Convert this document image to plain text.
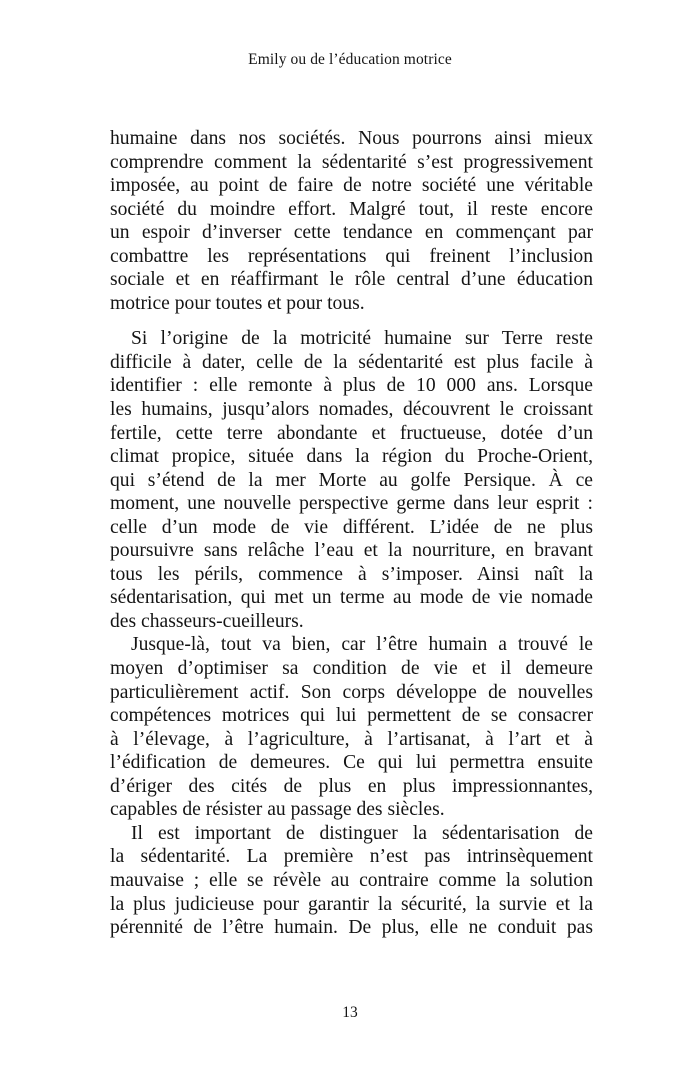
Emily ou de l’éducation motrice
humaine dans nos sociétés. Nous pourrons ainsi mieux
comprendre comment la sédentarité s’est progressivement
imposée, au point de faire de notre société une véritable
société du moindre effort. Malgré tout, il reste encore
un espoir d’inverser cette tendance en commençant par
combattre les représentations qui freinent l’inclusion
sociale et en réaffirmant le rôle central d’une éducation
motrice pour toutes et pour tous.
Si l’origine de la motricité humaine sur Terre reste
difficile à dater, celle de la sédentarité est plus facile à
identifier : elle remonte à plus de 10 000 ans. Lorsque
les humains, jusqu’alors nomades, découvrent le croissant
fertile, cette terre abondante et fructueuse, dotée d’un
climat propice, située dans la région du Proche-Orient,
qui s’étend de la mer Morte au golfe Persique. À ce
moment, une nouvelle perspective germe dans leur esprit :
celle d’un mode de vie différent. L’idée de ne plus
poursuivre sans relâche l’eau et la nourriture, en bravant
tous les périls, commence à s’imposer. Ainsi naît la
sédentarisation, qui met un terme au mode de vie nomade
des chasseurs-cueilleurs.
Jusque-là, tout va bien, car l’être humain a trouvé le
moyen d’optimiser sa condition de vie et il demeure
particulièrement actif. Son corps développe de nouvelles
compétences motrices qui lui permettent de se consacrer
à l’élevage, à l’agriculture, à l’artisanat, à l’art et à
l’édification de demeures. Ce qui lui permettra ensuite
d’ériger des cités de plus en plus impressionnantes,
capables de résister au passage des siècles.
Il est important de distinguer la sédentarisation de
la sédentarité. La première n’est pas intrinsèquement
mauvaise ; elle se révèle au contraire comme la solution
la plus judicieuse pour garantir la sécurité, la survie et la
pérennité de l’être humain. De plus, elle ne conduit pas
13
